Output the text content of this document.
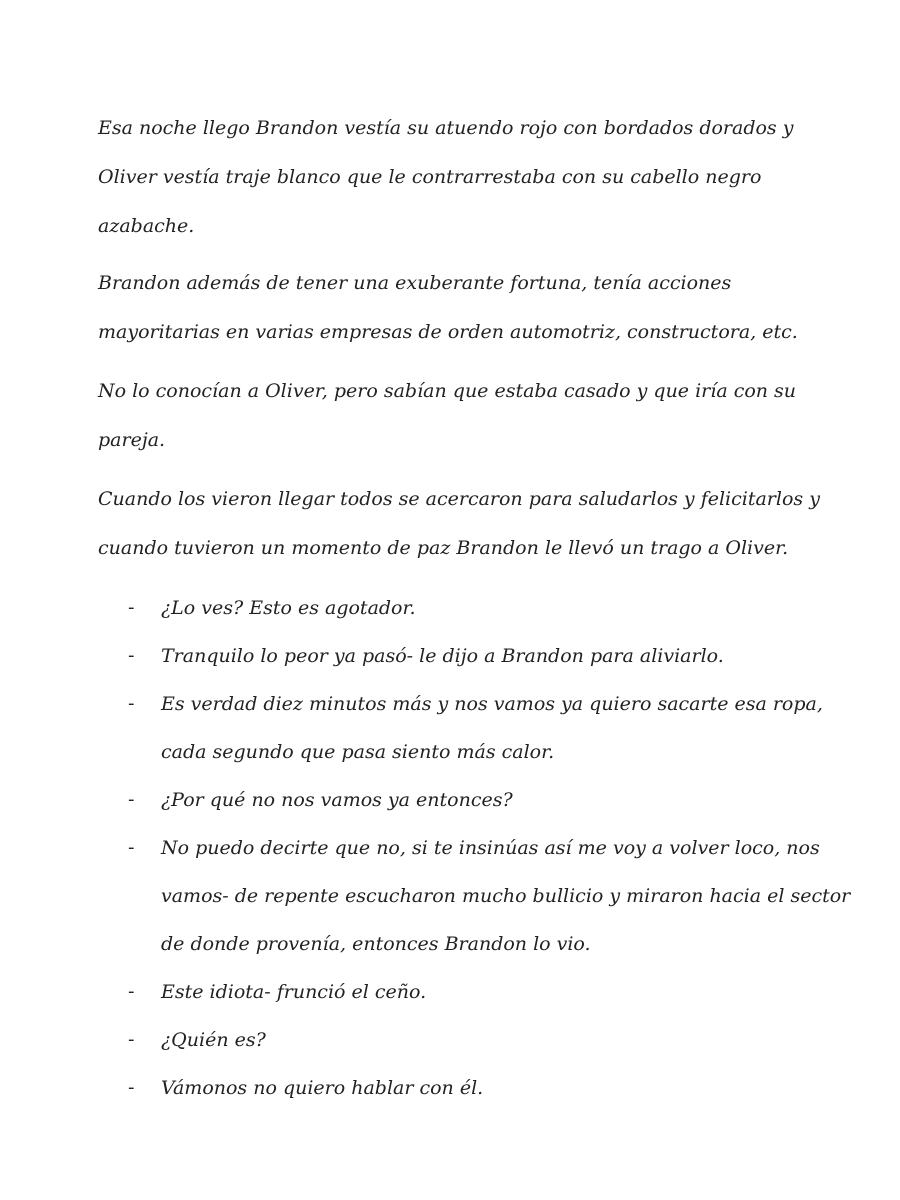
Esa noche llego Brandon vestía su atuendo rojo con bordados dorados y
Oliver vestía traje blanco que le contrarrestaba con su cabello negro
azabache.

Brandon además de tener una exuberante fortuna, tenía acciones
mayoritarias en varias empresas de orden automotriz, constructora, etc.

No lo conocían a Oliver, pero sabían que estaba casado y que iría con su
pareja.

Cuando los vieron llegar todos se acercaron para saludarlos y felicitarlos y
cuando tuvieron un momento de paz Brandon le llevó un trago a Oliver.

- ¿Lo ves? Esto es agotador.
- Tranquilo lo peor ya pasó- le dijo a Brandon para aliviarlo.
- Es verdad diez minutos más y nos vamos ya quiero sacarte esa ropa,
cada segundo que pasa siento más calor.
- ¿Por qué no nos vamos ya entonces?
- No puedo decirte que no, si te insinúas así me voy a volver loco, nos
vamos- de repente escucharon mucho bullicio y miraron hacia el sector
de donde provenía, entonces Brandon lo vio.
- Este idiota- frunció el ceño.
- ¿Quién es?
- Vámonos no quiero hablar con él.
